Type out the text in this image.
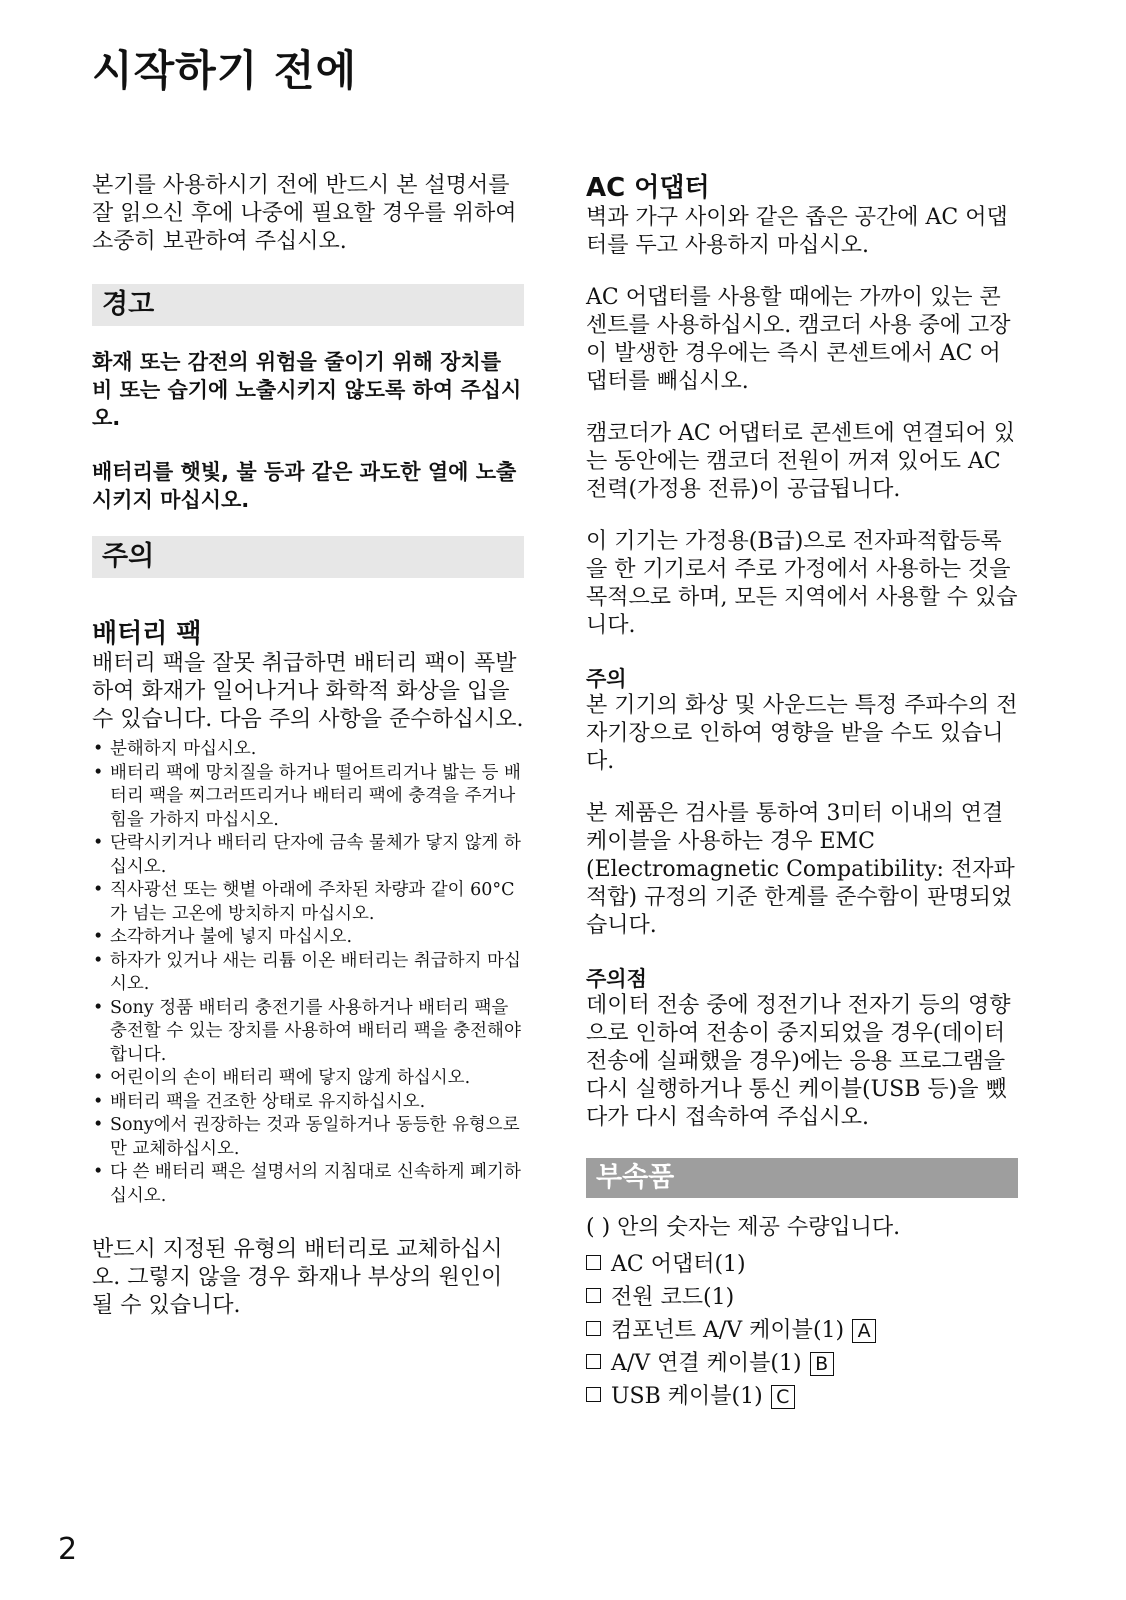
시작하기 전에

본기를 사용하시기 전에 반드시 본 설명서를 잘 읽으신 후에 나중에 필요할 경우를 위하여 소중히 보관하여 주십시오.

경고

화재 또는 감전의 위험을 줄이기 위해 장치를 비 또는 습기에 노출시키지 않도록 하여 주십시오.

배터리를 햇빛, 불 등과 같은 과도한 열에 노출시키지 마십시오.

주의
배터리 팩

배터리 팩을 잘못 취급하면 배터리 팩이 폭발하여 화재가 일어나거나 화학적 화상을 입을 수 있습니다. 다음 주의 사항을 준수하십시오.

• 분해하지 마십시오.
• 배터리 팩에 망치질을 하거나 떨어트리거나 밟는 등 배터리 팩을 찌그러뜨리거나 배터리 팩에 충격을 주거나 힘을 가하지 마십시오.
• 단락시키거나 배터리 단자에 금속 물체가 닿지 않게 하십시오.
• 직사광선 또는 햇볕 아래에 주차된 차량과 같이 60°C가 넘는 고온에 방치하지 마십시오.
• 소각하거나 불에 넣지 마십시오.
• 하자가 있거나 새는 리튬 이온 배터리는 취급하지 마십시오.
• Sony 정품 배터리 충전기를 사용하거나 배터리 팩을 충전할 수 있는 장치를 사용하여 배터리 팩을 충전해야 합니다.
• 어린이의 손이 배터리 팩에 닿지 않게 하십시오.
• 배터리 팩을 건조한 상태로 유지하십시오.
• Sony에서 권장하는 것과 동일하거나 동등한 유형으로만 교체하십시오.
• 다 쓴 배터리 팩은 설명서의 지침대로 신속하게 폐기하십시오.

반드시 지정된 유형의 배터리로 교체하십시오. 그렇지 않을 경우 화재나 부상의 원인이 될 수 있습니다.

AC 어댑터

벽과 가구 사이와 같은 좁은 공간에 AC 어댑터를 두고 사용하지 마십시오.

AC 어댑터를 사용할 때에는 가까이 있는 콘센트를 사용하십시오. 캠코더 사용 중에 고장이 발생한 경우에는 즉시 콘센트에서 AC 어댑터를 빼십시오.

캠코더가 AC 어댑터로 콘센트에 연결되어 있는 동안에는 캠코더 전원이 꺼져 있어도 AC 전력(가정용 전류)이 공급됩니다.

이 기기는 가정용(B급)으로 전자파적합등록을 한 기기로서 주로 가정에서 사용하는 것을 목적으로 하며, 모든 지역에서 사용할 수 있습니다.

주의

본 기기의 화상 및 사운드는 특정 주파수의 전자기장으로 인하여 영향을 받을 수도 있습니다.

본 제품은 검사를 통하여 3미터 이내의 연결 케이블을 사용하는 경우 EMC (Electromagnetic Compatibility: 전자파 적합) 규정의 기준 한계를 준수함이 판명되었습니다.

주의점

데이터 전송 중에 정전기나 전자기 등의 영향으로 인하여 전송이 중지되었을 경우(데이터 전송에 실패했을 경우)에는 응용 프로그램을 다시 실행하거나 통신 케이블(USB 등)을 뺐다가 다시 접속하여 주십시오.

부속품

( ) 안의 숫자는 제공 수량입니다.

AC 어댑터(1)
전원 코드(1)
컴포넌트 A/V 케이블(1) A
A/V 연결 케이블(1) B
USB 케이블(1) C
2
